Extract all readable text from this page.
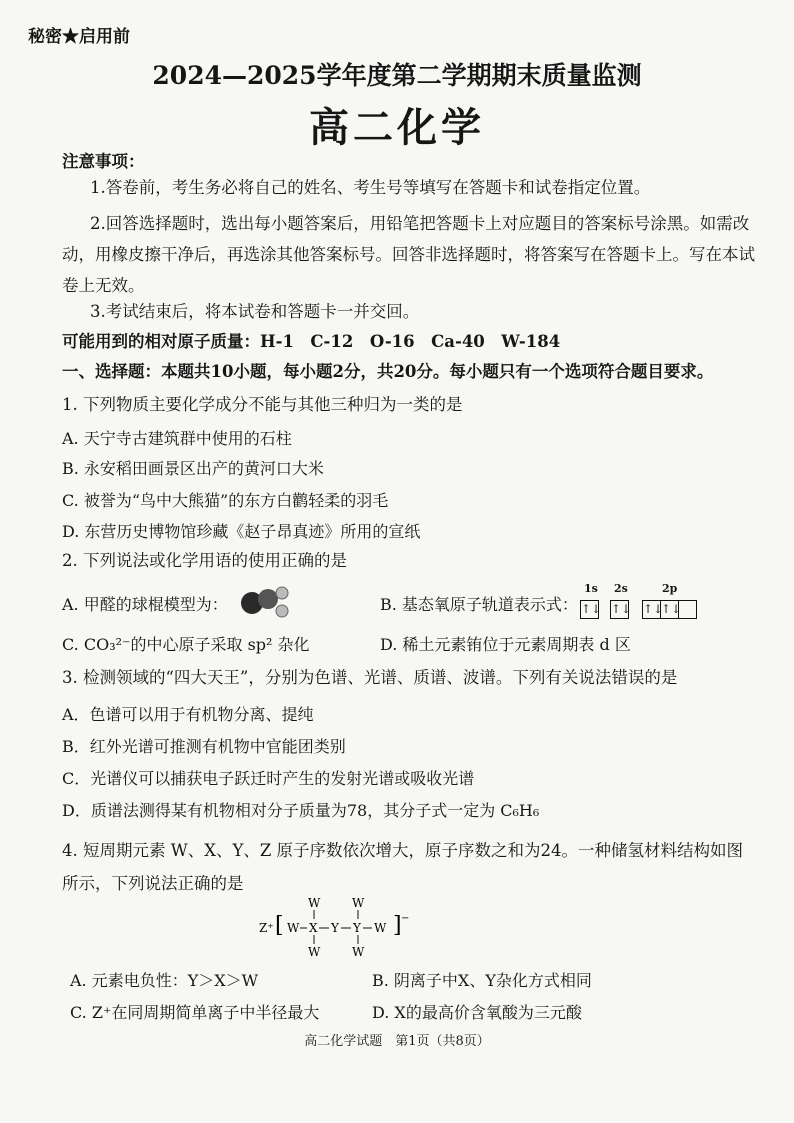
秘密★启用前
2024—2025学年度第二学期期末质量监测
高二化学
注意事项：
1.答卷前，考生务必将自己的姓名、考生号等填写在答题卡和试卷指定位置。
2.回答选择题时，选出每小题答案后，用铅笔把答题卡上对应题目的答案标号涂黑。如需改动，用橡皮擦干净后，再选涂其他答案标号。回答非选择题时，将答案写在答题卡上。写在本试卷上无效。
3.考试结束后，将本试卷和答题卡一并交回。
可能用到的相对原子质量：H-1　C-12　O-16　Ca-40　W-184
一、选择题：本题共10小题，每小题2分，共20分。每小题只有一个选项符合题目要求。
1. 下列物质主要化学成分不能与其他三种归为一类的是
A. 天宁寺古建筑群中使用的石柱
B. 永安稻田画景区出产的黄河口大米
C. 被誉为“鸟中大熊猫”的东方白鹳轻柔的羽毛
D. 东营历史博物馆珍藏《赵子昂真迹》所用的宣纸
2. 下列说法或化学用语的使用正确的是
A. 甲醛的球棍模型为：	B. 基态氧原子轨道表示式：
1s 2s	2p
↑↓ ↑↓ ↑↓
↑↓
C. CO₃²⁻的中心原子采取 sp² 杂化	D. 稀土元素铕位于元素周期表 d 区
3. 检测领域的“四大天王”，分别为色谱、光谱、质谱、波谱。下列有关说法错误的是
A．色谱可以用于有机物分离、提纯
B．红外光谱可推测有机物中官能团类别
C．光谱仪可以捕获电子跃迁时产生的发射光谱或吸收光谱
D．质谱法测得某有机物相对分子质量为78，其分子式一定为 C₆H₆
4. 短周期元素 W、X、Y、Z 原子序数依次增大，原子序数之和为24。一种储氢材料结构如图所示，下列说法正确的是
Z⁺ [	] −
W X Y Y W
W	W
W	W
A. 元素电负性：Y＞X＞W	B. 阴离子中X、Y杂化方式相同
C. Z⁺在同周期简单离子中半径最大	D. X的最高价含氧酸为三元酸
高二化学试题　第1页（共8页）
